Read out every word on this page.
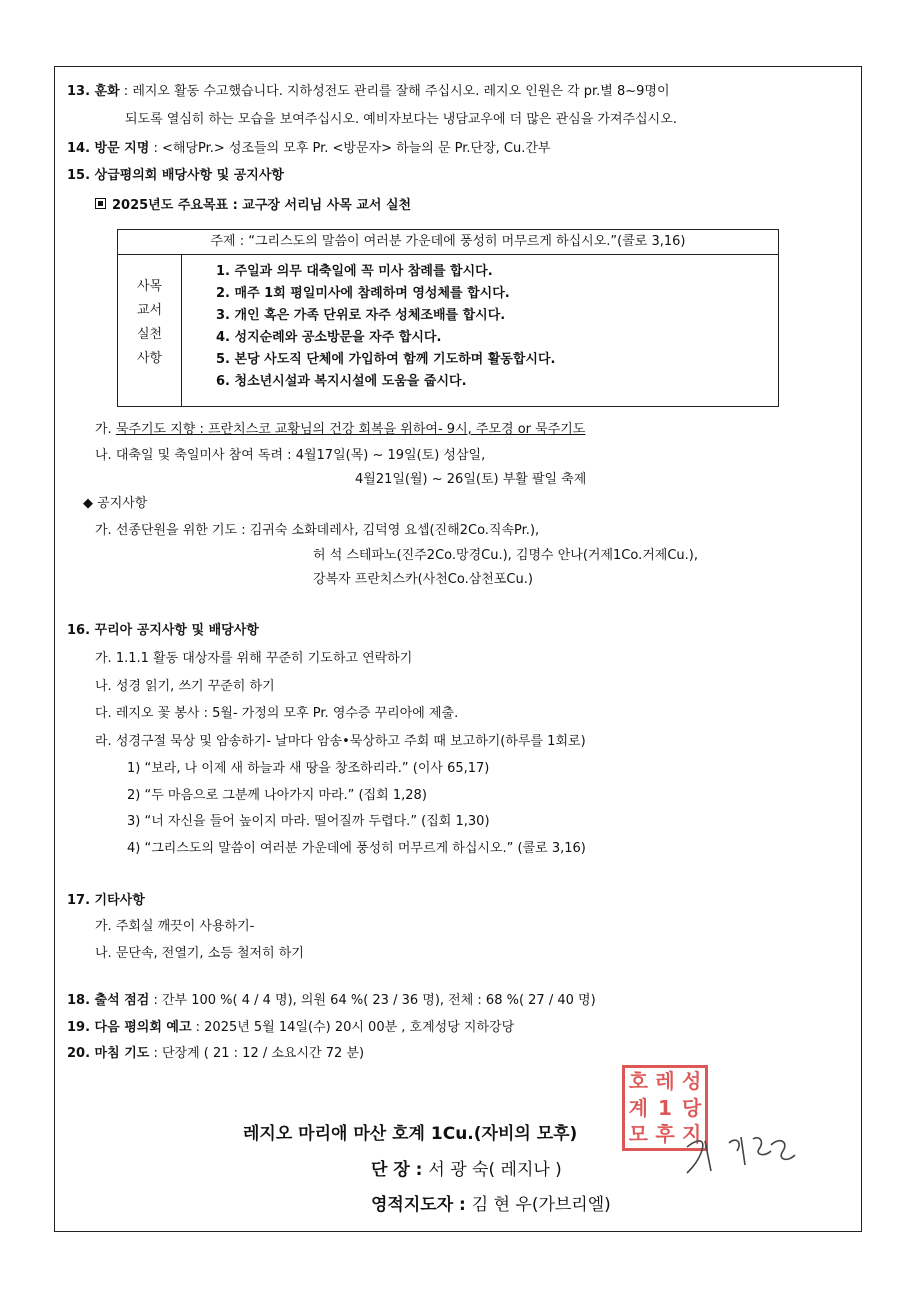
13. 훈화 : 레지오 활동 수고했습니다. 지하성전도 관리를 잘해 주십시오. 레지오 인원은 각 pr.별 8~9명이
되도록 열심히 하는 모습을 보여주십시오. 예비자보다는 냉담교우에 더 많은 관심을 가져주십시오.
14. 방문 지명 : <해당Pr.> 성조들의 모후 Pr. <방문자> 하늘의 문 Pr.단장, Cu.간부
15. 상급평의회 배당사항 및 공지사항
2025년도 주요목표 : 교구장 서리님 사목 교서 실천
주제 : “그리스도의 말씀이 여러분 가운데에 풍성히 머무르게 하십시오.”(콜로 3,16)
사목
교서
실천
사항
1. 주일과 의무 대축일에 꼭 미사 참례를 합시다.
2. 매주 1회 평일미사에 참례하며 영성체를 합시다.
3. 개인 혹은 가족 단위로 자주 성체조배를 합시다.
4. 성지순례와 공소방문을 자주 합시다.
5. 본당 사도직 단체에 가입하여 함께 기도하며 활동합시다.
6. 청소년시설과 복지시설에 도움을 줍시다.
가. 묵주기도 지향 : 프란치스코 교황님의 건강 회복을 위하여- 9시, 주모경 or 묵주기도
나. 대축일 및 축일미사 참여 독려 : 4월17일(목) ~ 19일(토) 성삼일,
4월21일(월) ~ 26일(토) 부활 팔일 축제
◆ 공지사항
가. 선종단원을 위한 기도 : 김귀숙 소화데레사, 김덕영 요셉(진해2Co.직속Pr.),
허 석 스테파노(진주2Co.망경Cu.), 김명수 안나(거제1Co.거제Cu.),
강복자 프란치스카(사천Co.삼천포Cu.)
16. 꾸리아 공지사항 및 배당사항
가. 1.1.1 활동 대상자를 위해 꾸준히 기도하고 연락하기
나. 성경 읽기, 쓰기 꾸준히 하기
다. 레지오 꽃 봉사 : 5월- 가정의 모후 Pr. 영수증 꾸리아에 제출.
라. 성경구절 묵상 및 암송하기- 날마다 암송•묵상하고 주회 때 보고하기(하루를 1회로)
1) “보라, 나 이제 새 하늘과 새 땅을 창조하리라.” (이사 65,17)
2) “두 마음으로 그분께 나아가지 마라.” (집회 1,28)
3) “너 자신을 들어 높이지 마라. 떨어질까 두렵다.” (집회 1,30)
4) “그리스도의 말씀이 여러분 가운데에 풍성히 머무르게 하십시오.” (콜로 3,16)
17. 기타사항
가. 주회실 깨끗이 사용하기-
나. 문단속, 전열기, 소등 철저히 하기
18. 출석 점검 : 간부 100 %( 4 / 4 명), 의원 64 %( 23 / 36 명), 전체 : 68 %( 27 / 40 명)
19. 다음 평의회 예고 : 2025년 5월 14일(수) 20시 00분 , 호계성당 지하강당
20. 마침 기도 : 단장계 ( 21 : 12 / 소요시간 72 분)
호 레 성
계 1 당
모 후 지
레지오 마리애 마산 호계 1Cu.(자비의 모후)
단 장 : 서 광 숙( 레지나 )
영적지도자 : 김 현 우(가브리엘)
